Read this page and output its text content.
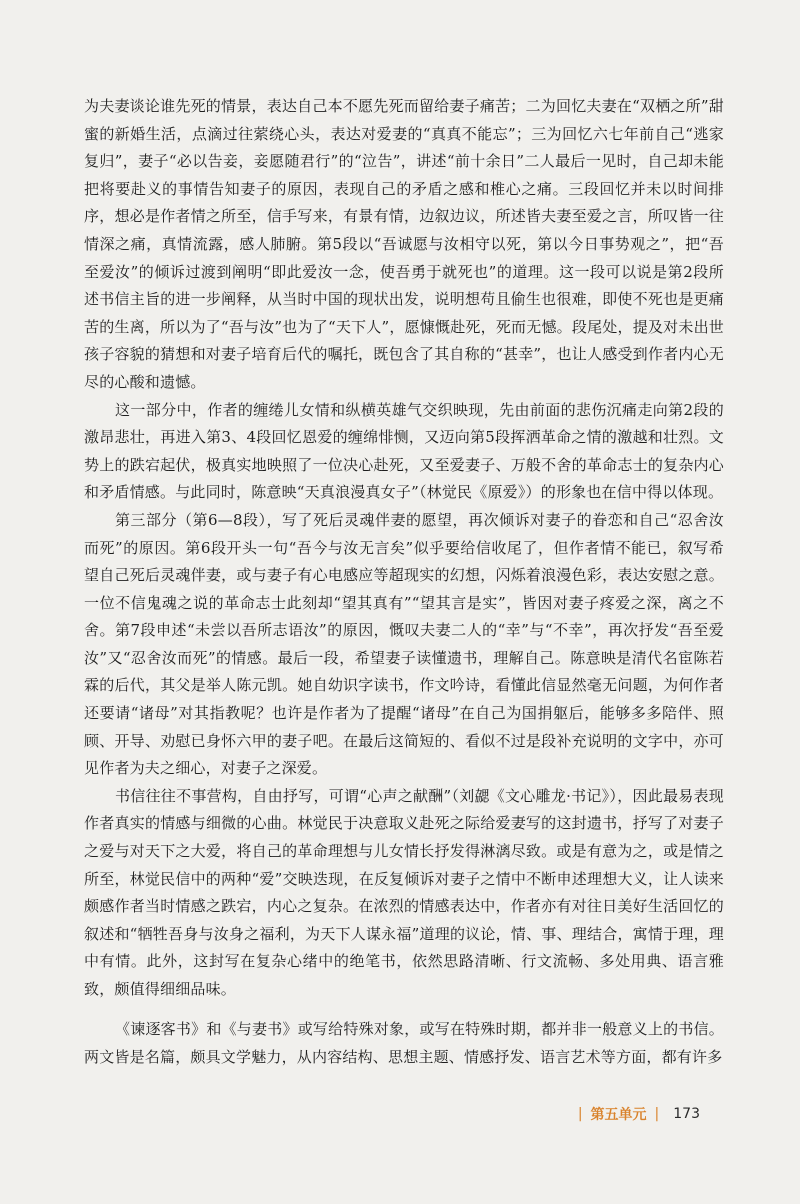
为夫妻谈论谁先死的情景，表达自己本不愿先死而留给妻子痛苦；二为回忆夫妻在“双栖之所”甜蜜的新婚生活，点滴过往萦绕心头，表达对爱妻的“真真不能忘”；三为回忆六七年前自己“逃家复归”，妻子“必以告妾，妾愿随君行”的“泣告”，讲述“前十余日”二人最后一见时，自己却未能把将要赴义的事情告知妻子的原因，表现自己的矛盾之感和椎心之痛。三段回忆并未以时间排序，想必是作者情之所至，信手写来，有景有情，边叙边议，所述皆夫妻至爱之言，所叹皆一往情深之痛，真情流露，感人肺腑。第5段以“吾诚愿与汝相守以死，第以今日事势观之”，把“吾至爱汝”的倾诉过渡到阐明“即此爱汝一念，使吾勇于就死也”的道理。这一段可以说是第2段所述书信主旨的进一步阐释，从当时中国的现状出发，说明想苟且偷生也很难，即使不死也是更痛苦的生离，所以为了“吾与汝”也为了“天下人”，愿慷慨赴死，死而无憾。段尾处，提及对未出世孩子容貌的猜想和对妻子培育后代的嘱托，既包含了其自称的“甚幸”，也让人感受到作者内心无尽的心酸和遗憾。

这一部分中，作者的缠绻儿女情和纵横英雄气交织映现，先由前面的悲伤沉痛走向第2段的激昂悲壮，再进入第3、4段回忆恩爱的缠绵悱恻，又迈向第5段挥洒革命之情的激越和壮烈。文势上的跌宕起伏，极真实地映照了一位决心赴死，又至爱妻子、万般不舍的革命志士的复杂内心和矛盾情感。与此同时，陈意映“天真浪漫真女子”（林觉民《原爱》）的形象也在信中得以体现。

第三部分（第6—8段），写了死后灵魂伴妻的愿望，再次倾诉对妻子的眷恋和自己“忍舍汝而死”的原因。第6段开头一句“吾今与汝无言矣”似乎要给信收尾了，但作者情不能已，叙写希望自己死后灵魂伴妻，或与妻子有心电感应等超现实的幻想，闪烁着浪漫色彩，表达安慰之意。一位不信鬼魂之说的革命志士此刻却“望其真有”“望其言是实”，皆因对妻子疼爱之深，离之不舍。第7段申述“未尝以吾所志语汝”的原因，慨叹夫妻二人的“幸”与“不幸”，再次抒发“吾至爱汝”又“忍舍汝而死”的情感。最后一段，希望妻子读懂遗书，理解自己。陈意映是清代名宦陈若霖的后代，其父是举人陈元凯。她自幼识字读书，作文吟诗，看懂此信显然毫无问题，为何作者还要请“诸母”对其指教呢？也许是作者为了提醒“诸母”在自己为国捐躯后，能够多多陪伴、照顾、开导、劝慰已身怀六甲的妻子吧。在最后这简短的、看似不过是段补充说明的文字中，亦可见作者为夫之细心，对妻子之深爱。

书信往往不事营构，自由抒写，可谓“心声之献酬”（刘勰《文心雕龙·书记》），因此最易表现作者真实的情感与细微的心曲。林觉民于决意取义赴死之际给爱妻写的这封遗书，抒写了对妻子之爱与对天下之大爱，将自己的革命理想与儿女情长抒发得淋漓尽致。或是有意为之，或是情之所至，林觉民信中的两种“爱”交映迭现，在反复倾诉对妻子之情中不断申述理想大义，让人读来颇感作者当时情感之跌宕，内心之复杂。在浓烈的情感表达中，作者亦有对往日美好生活回忆的叙述和“牺牲吾身与汝身之福利，为天下人谋永福”道理的议论，情、事、理结合，寓情于理，理中有情。此外，这封写在复杂心绪中的绝笔书，依然思路清晰、行文流畅、多处用典、语言雅致，颇值得细细品味。

《谏逐客书》和《与妻书》或写给特殊对象，或写在特殊时期，都并非一般意义上的书信。两文皆是名篇，颇具文学魅力，从内容结构、思想主题、情感抒发、语言艺术等方面，都有许多

| 第五单元 | 173
